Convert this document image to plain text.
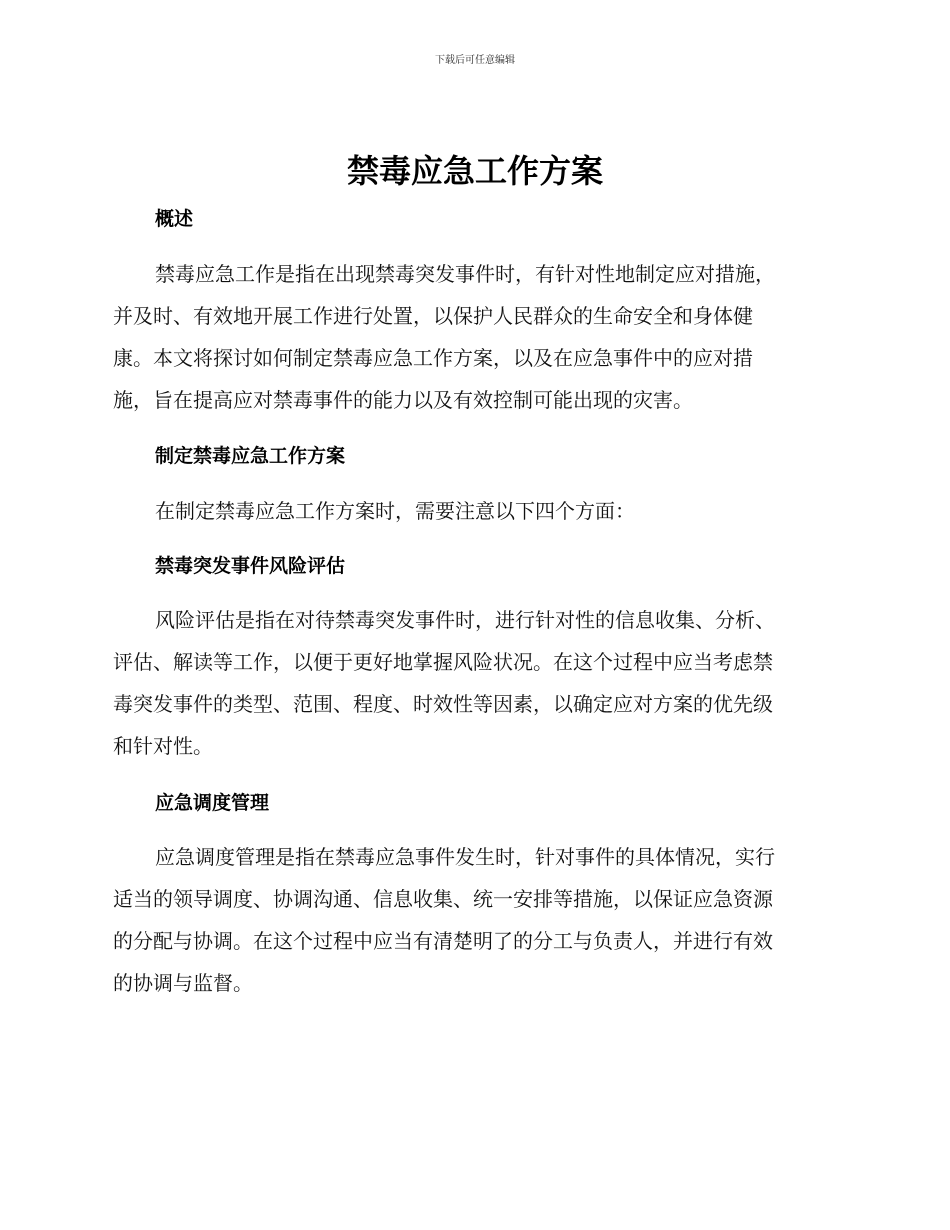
下载后可任意编辑

禁毒应急工作方案
概述
禁毒应急工作是指在出现禁毒突发事件时，有针对性地制定应对措施，
并及时、有效地开展工作进行处置，以保护人民群众的生命安全和身体健
康。本文将探讨如何制定禁毒应急工作方案，以及在应急事件中的应对措
施，旨在提高应对禁毒事件的能力以及有效控制可能出现的灾害。
制定禁毒应急工作方案
在制定禁毒应急工作方案时，需要注意以下四个方面：
禁毒突发事件风险评估
风险评估是指在对待禁毒突发事件时，进行针对性的信息收集、分析、
评估、解读等工作，以便于更好地掌握风险状况。在这个过程中应当考虑禁
毒突发事件的类型、范围、程度、时效性等因素，以确定应对方案的优先级
和针对性。
应急调度管理
应急调度管理是指在禁毒应急事件发生时，针对事件的具体情况，实行
适当的领导调度、协调沟通、信息收集、统一安排等措施，以保证应急资源
的分配与协调。在这个过程中应当有清楚明了的分工与负责人，并进行有效
的协调与监督。
